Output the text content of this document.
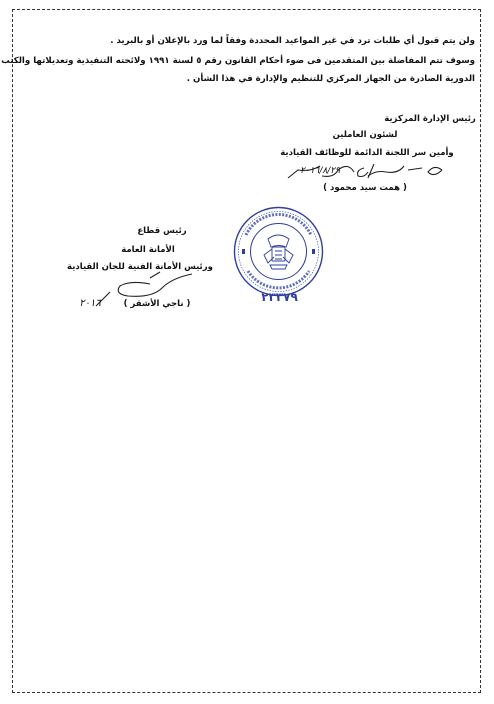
ولن يتم قبول أي طلبات ترد في غير المواعيد المحددة وفقاً لما ورد بالإعلان أو بالبريد .
وسوف تتم المفاضلة بين المتقدمين فى ضوء أحكام القانون رقم ٥ لسنة ١٩٩١ ولائحته التنفيذية وتعديلاتها والكتب
الدورية الصادرة من الجهاز المركزي للتنظيم والإدارة في هذا الشأن .
رئيس الإدارة المركزية
لشئون العاملين
وأمين سر اللجنة الدائمة للوظائف القيادية
٢٠١٦/٨/٢٩
( همت سيد محمود )
٢٣٣٧٩
رئيس قطاع
الأمانة العامة
ورئيس الأمانة الفنية للجان القيادية
٢٠١٦	( ناجي الأشقر )
